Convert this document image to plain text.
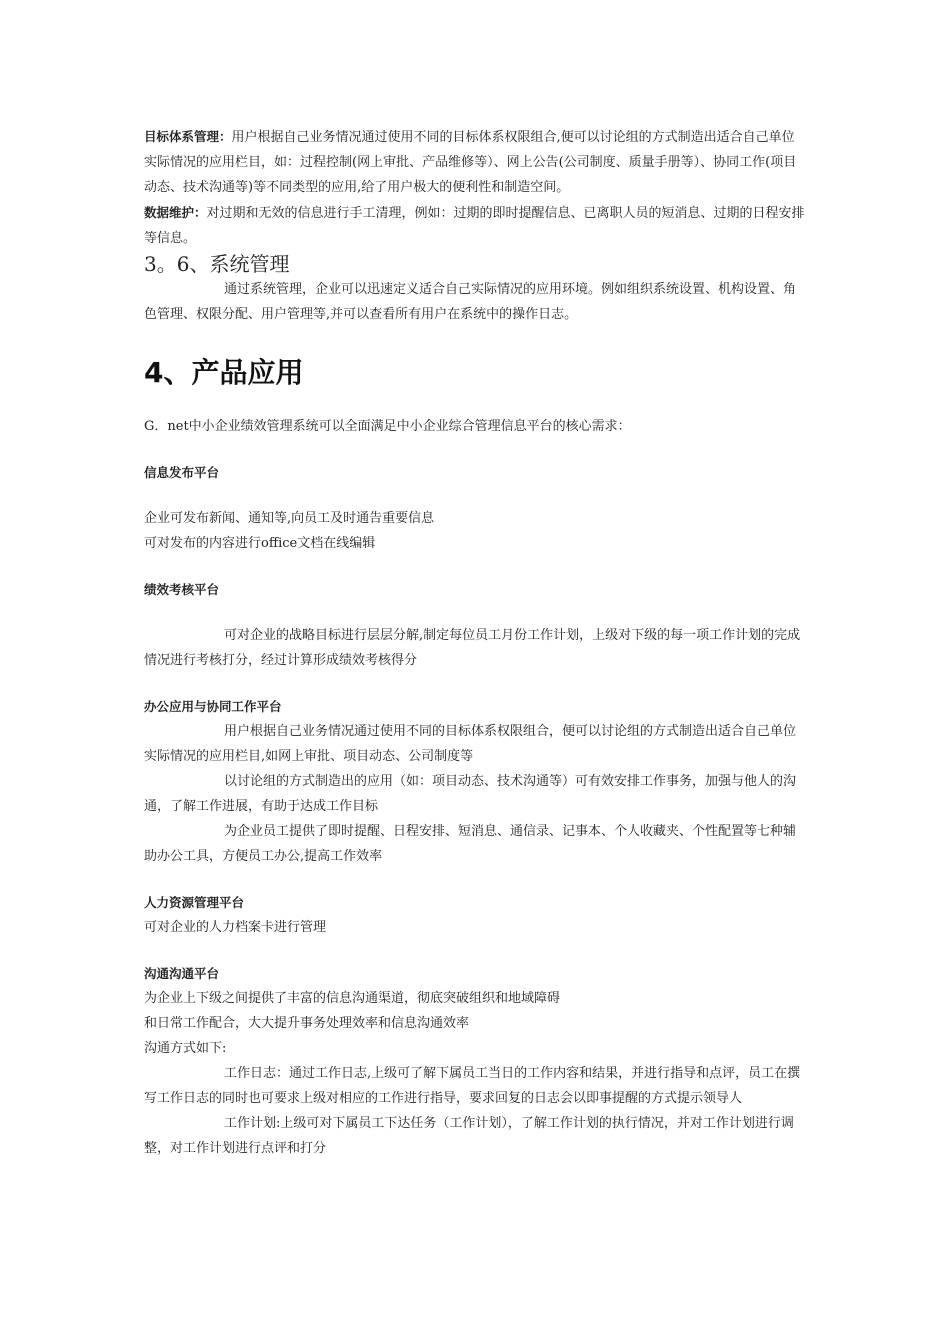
目标体系管理：用户根据自己业务情况通过使用不同的目标体系权限组合,便可以讨论组的方式制造出适合自己单位实际情况的应用栏目，如：过程控制(网上审批、产品维修等）、网上公告(公司制度、质量手册等）、协同工作(项目动态、技术沟通等)等不同类型的应用,给了用户极大的便利性和制造空间。

数据维护：对过期和无效的信息进行手工清理，例如：过期的即时提醒信息、已离职人员的短消息、过期的日程安排等信息。

3。6、系统管理

通过系统管理，企业可以迅速定义适合自己实际情况的应用环境。例如组织系统设置、机构设置、角色管理、权限分配、用户管理等,并可以查看所有用户在系统中的操作日志。

4、产品应用

G．net中小企业绩效管理系统可以全面满足中小企业综合管理信息平台的核心需求：

信息发布平台

企业可发布新闻、通知等,向员工及时通告重要信息

可对发布的内容进行office文档在线编辑

绩效考核平台

可对企业的战略目标进行层层分解,制定每位员工月份工作计划，上级对下级的每一项工作计划的完成情况进行考核打分，经过计算形成绩效考核得分

办公应用与协同工作平台

用户根据自己业务情况通过使用不同的目标体系权限组合，便可以讨论组的方式制造出适合自己单位实际情况的应用栏目,如网上审批、项目动态、公司制度等

以讨论组的方式制造出的应用（如：项目动态、技术沟通等）可有效安排工作事务，加强与他人的沟通，了解工作进展，有助于达成工作目标

为企业员工提供了即时提醒、日程安排、短消息、通信录、记事本、个人收藏夹、个性配置等七种辅助办公工具，方便员工办公,提高工作效率

人力资源管理平台

可对企业的人力档案卡进行管理

沟通沟通平台

为企业上下级之间提供了丰富的信息沟通渠道，彻底突破组织和地域障碍

和日常工作配合，大大提升事务处理效率和信息沟通效率

沟通方式如下:

工作日志：通过工作日志,上级可了解下属员工当日的工作内容和结果，并进行指导和点评，员工在撰写工作日志的同时也可要求上级对相应的工作进行指导，要求回复的日志会以即事提醒的方式提示领导人

工作计划:上级可对下属员工下达任务（工作计划），了解工作计划的执行情况，并对工作计划进行调整，对工作计划进行点评和打分
